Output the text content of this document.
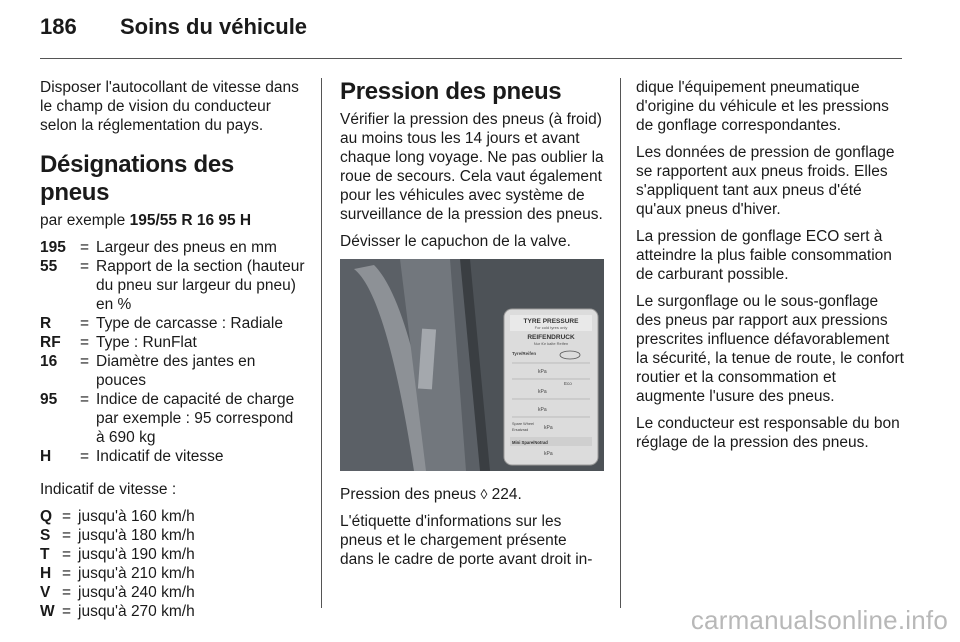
186	Soins du véhicule

Disposer l'autocollant de vitesse dans le champ de vision du conducteur selon la réglementation du pays.

Désignations des pneus

par exemple 195/55 R 16 95 H

195 = Largeur des pneus en mm
55	= Rapport de la section (hauteur du pneu sur largeur du pneu) en %
R	= Type de carcasse : Radiale
RF	= Type : RunFlat
16	= Diamètre des jantes en pouces
95	= Indice de capacité de charge par exemple : 95 correspond à 690 kg
H	= Indicatif de vitesse

Indicatif de vitesse :

Q = jusqu'à 160 km/h
S = jusqu'à 180 km/h
T = jusqu'à 190 km/h
H = jusqu'à 210 km/h
V = jusqu'à 240 km/h
W = jusqu'à 270 km/h
Pression des pneus

Vérifier la pression des pneus (à froid) au moins tous les 14 jours et avant chaque long voyage. Ne pas oublier la roue de secours. Cela vaut également pour les véhicules avec système de surveillance de la pression des pneus.

Dévisser le capuchon de la valve.

TYRE PRESSURE
For cold tyres only
REIFENDRUCK
Nur für kalte Reifen
Tyre/Reifen
kPa
Eco
kPa
kPa
Spare Wheel
Ersatzrad	kPa
Mini Spare/Notrad
kPa

Pression des pneus ◊ 224.

L'étiquette d'informations sur les pneus et le chargement présente dans le cadre de porte avant droit in-

dique l'équipement pneumatique d'origine du véhicule et les pressions de gonflage correspondantes.

Les données de pression de gonflage se rapportent aux pneus froids. Elles s'appliquent tant aux pneus d'été qu'aux pneus d'hiver.

La pression de gonflage ECO sert à atteindre la plus faible consommation de carburant possible.

Le surgonflage ou le sous-gonflage des pneus par rapport aux pressions prescrites influence défavorablement la sécurité, la tenue de route, le confort routier et la consommation et augmente l'usure des pneus.

Le conducteur est responsable du bon réglage de la pression des pneus.

carmanualsonline.info
